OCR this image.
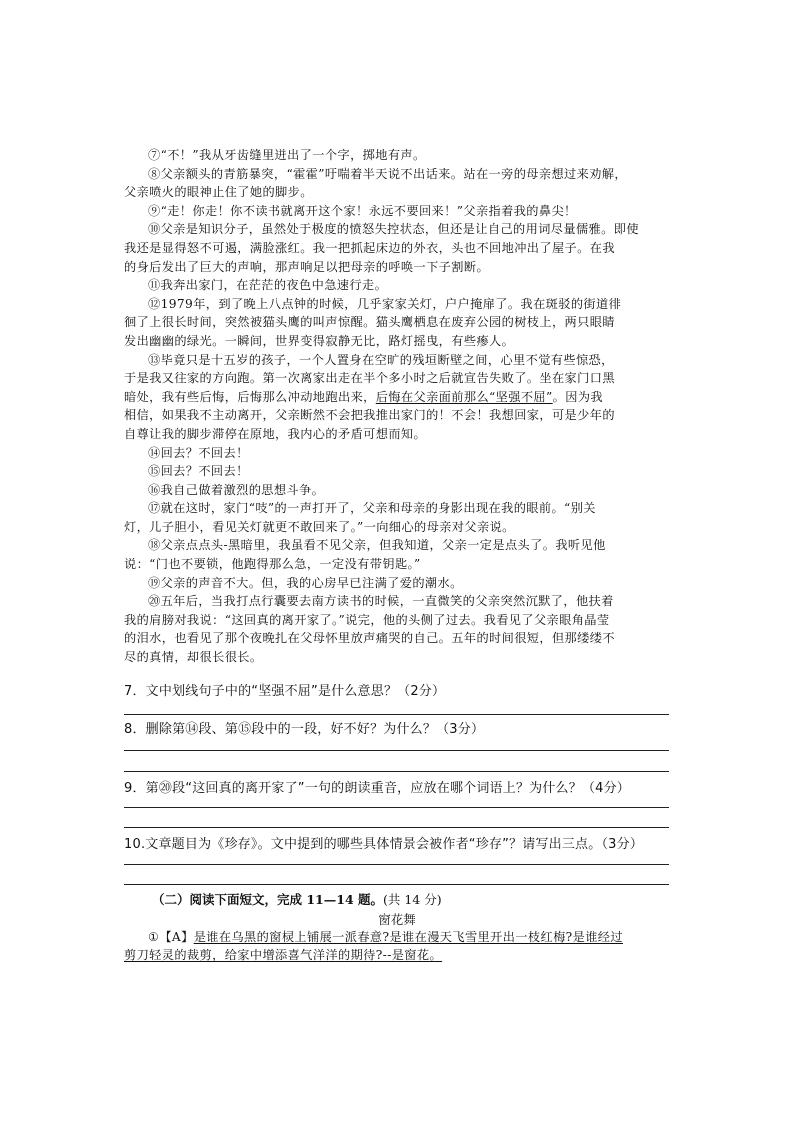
⑦“不！”我从牙齿缝里迸出了一个字，掷地有声。

⑧父亲额头的青筋暴突，“霍霍”吁喘着半天说不出话来。站在一旁的母亲想过来劝解，

父亲喷火的眼神止住了她的脚步。

⑨“走！你走！你不读书就离开这个家！永远不要回来！”父亲指着我的鼻尖！

⑩父亲是知识分子，虽然处于极度的愤怒失控状态，但还是让自己的用词尽量儒雅。即使

我还是显得怒不可遏，满脸涨红。我一把抓起床边的外衣，头也不回地冲出了屋子。在我

的身后发出了巨大的声响，那声响足以把母亲的呼唤一下子割断。

⑪我奔出家门，在茫茫的夜色中急速行走。

⑫1979年，到了晚上八点钟的时候，几乎家家关灯，户户掩扉了。我在斑驳的街道徘

徊了上很长时间，突然被猫头鹰的叫声惊醒。猫头鹰栖息在废弃公园的树枝上，两只眼睛

发出幽幽的绿光。一瞬间，世界变得寂静无比，路灯摇曳，有些瘆人。

⑬毕竟只是十五岁的孩子，一个人置身在空旷的残垣断壁之间，心里不觉有些惊恐，

于是我又往家的方向跑。第一次离家出走在半个多小时之后就宣告失败了。坐在家门口黑

暗处，我有些后悔，后悔那么冲动地跑出来，后悔在父亲面前那么“坚强不屈”。因为我

相信，如果我不主动离开，父亲断然不会把我推出家门的！不会！我想回家，可是少年的

自尊让我的脚步滞停在原地，我内心的矛盾可想而知。

⑭回去？不回去！

⑮回去？不回去！

⑯我自己做着激烈的思想斗争。

⑰就在这时，家门“吱”的一声打开了，父亲和母亲的身影出现在我的眼前。“别关

灯，儿子胆小，看见关灯就更不敢回来了。”一向细心的母亲对父亲说。

⑱父亲点点头-黑暗里，我虽看不见父亲，但我知道，父亲一定是点头了。我听见他

说：“门也不要锁，他跑得那么急，一定没有带钥匙。”

⑲父亲的声音不大。但，我的心房早已注满了爱的潮水。

⑳五年后，当我打点行囊要去南方读书的时候，一直微笑的父亲突然沉默了，他扶着

我的肩膀对我说：“这回真的离开家了。”说完，他的头侧了过去。我看见了父亲眼角晶莹

的泪水，也看见了那个夜晚扎在父母怀里放声痛哭的自己。五年的时间很短，但那缕缕不

尽的真情，却很长很长。

7．文中划线句子中的“坚强不屈”是什么意思？（2分）

8．删除第⑭段、第⑮段中的一段，好不好？为什么？（3分）

9．第⑳段“这回真的离开家了”一句的朗读重音，应放在哪个词语上？为什么？（4分）

10.文章题目为《珍存》。文中提到的哪些具体情景会被作者“珍存”？请写出三点。（3分）

（二）阅读下面短文，完成 11—14 题。(共 14 分)

窗花舞

①【A】是谁在乌黑的窗棂上铺展一派春意?是谁在漫天飞雪里开出一枝红梅?是谁经过

剪刀轻灵的裁剪，给家中增添喜气洋洋的期待?--是窗花。
